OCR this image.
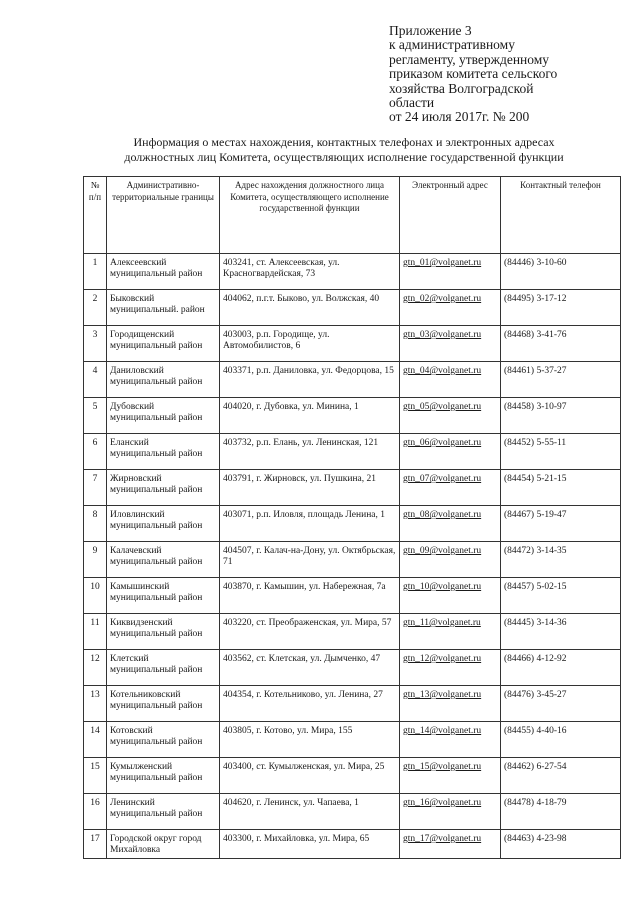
Приложение 3
к административному
регламенту, утвержденному
приказом комитета сельского
хозяйства Волгоградской
области
от 24 июля 2017г. № 200
Информация о местах нахождения, контактных телефонах и электронных адресах
должностных лиц Комитета, осуществляющих исполнение государственной функции
№ п/п	Административно-территориальные границы	Адрес нахождения должностного лица Комитета, осуществляющего исполнение государственной функции	Электронный адрес	Контактный телефон
1	Алексеевский муниципальный район	403241, ст. Алексеевская, ул. Красногвардейская, 73	gtn_01@volganet.ru	(84446) 3-10-60
2	Быковский муниципальный. район	404062, п.г.т. Быково, ул. Волжская, 40	gtn_02@volganet.ru	(84495) 3-17-12
3	Городищенский муниципальный район	403003, р.п. Городище, ул. Автомобилистов, 6	gtn_03@volganet.ru	(84468) 3-41-76
4	Даниловский муниципальный район	403371, р.п. Даниловка, ул. Федорцова, 15	gtn_04@volganet.ru	(84461) 5-37-27
5	Дубовский муниципальный район	404020, г. Дубовка, ул. Минина, 1	gtn_05@volganet.ru	(84458) 3-10-97
6	Еланский муниципальный район	403732, р.п. Елань, ул. Ленинская, 121	gtn_06@volganet.ru	(84452) 5-55-11
7	Жирновский муниципальный район	403791, г. Жирновск, ул. Пушкина, 21	gtn_07@volganet.ru	(84454) 5-21-15
8	Иловлинский муниципальный район	403071, р.п. Иловля, площадь Ленина, 1	gtn_08@volganet.ru	(84467) 5-19-47
9	Калачевский муниципальный район	404507, г. Калач-на-Дону, ул. Октябрьская, 71	gtn_09@volganet.ru	(84472) 3-14-35
10	Камышинский муниципальный район	403870, г. Камышин, ул. Набережная, 7а	gtn_10@volganet.ru	(84457) 5-02-15
11	Киквидзенский муниципальный район	403220, ст. Преображенская, ул. Мира, 57	gtn_11@volganet.ru	(84445) 3-14-36
12	Клетский муниципальный район	403562, ст. Клетская, ул. Дымченко, 47	gtn_12@volganet.ru	(84466) 4-12-92
13	Котельниковский муниципальный район	404354, г. Котельниково, ул. Ленина, 27	gtn_13@volganet.ru	(84476) 3-45-27
14	Котовский муниципальный район	403805, г. Котово, ул. Мира, 155	gtn_14@volganet.ru	(84455) 4-40-16
15	Кумылженский муниципальный район	403400, ст. Кумылженская, ул. Мира, 25	gtn_15@volganet.ru	(84462) 6-27-54
16	Ленинский муниципальный район	404620, г. Ленинск, ул. Чапаева, 1	gtn_16@volganet.ru	(84478) 4-18-79
17	Городской округ город Михайловка	403300, г. Михайловка, ул. Мира, 65	gtn_17@volganet.ru	(84463) 4-23-98
